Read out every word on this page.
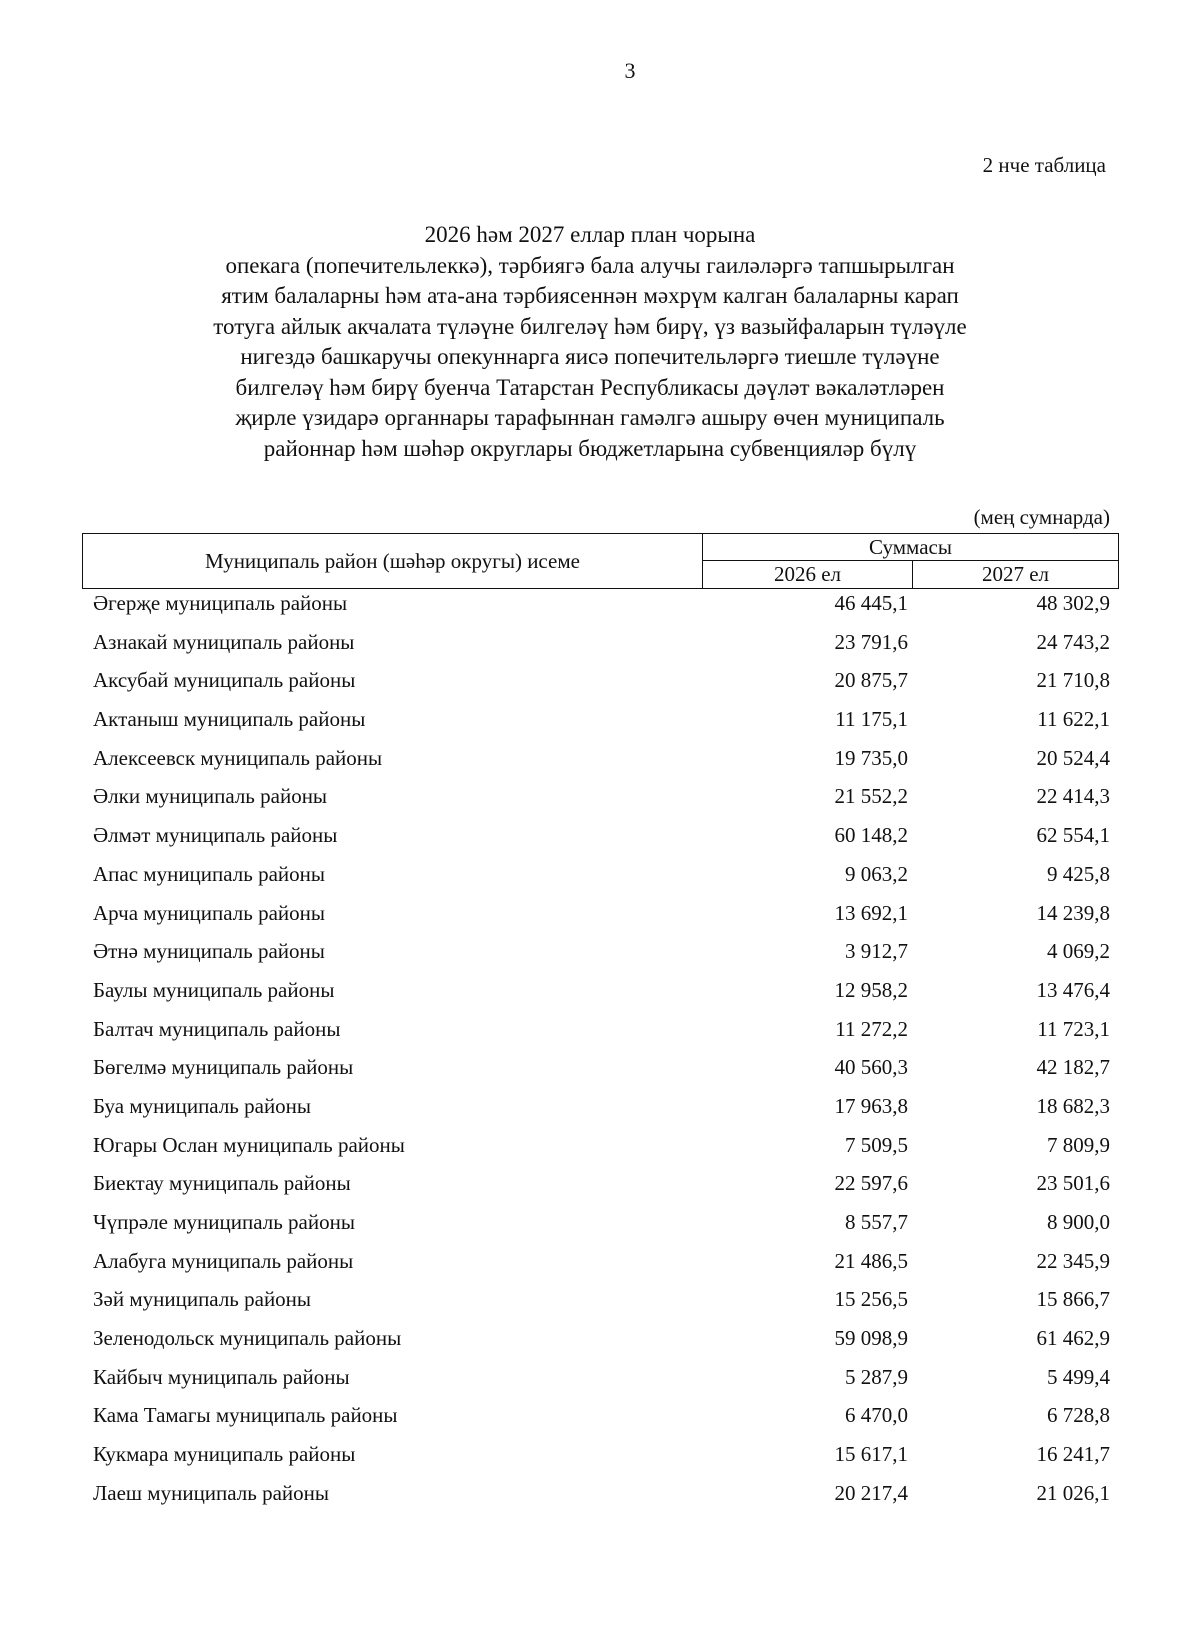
3
2 нче таблица
2026 һәм 2027 еллар план чорына
опекага (попечительлеккә), тәрбиягә бала алучы гаиләләргә тапшырылган
ятим балаларны һәм ата-ана тәрбиясеннән мәхрүм калган балаларны карап
тотуга айлык акчалата түләүне билгеләү һәм бирү, үз вазыйфаларын түләүле
нигездә башкаручы опекуннарга яисә попечительләргә тиешле түләүне
билгеләү һәм бирү буенча Татарстан Республикасы дәүләт вәкаләтләрен
җирле үзидарә органнары тарафыннан гамәлгә ашыру өчен муниципаль
районнар һәм шәһәр округлары бюджетларына субвенцияләр бүлү
(мең сумнарда)
Муниципаль район (шәһәр округы) исеме
Суммасы
2026 ел	2027 ел
Әгерҗе муниципаль районы	46 445,1	48 302,9
Азнакай муниципаль районы	23 791,6	24 743,2
Аксубай муниципаль районы	20 875,7	21 710,8
Актаныш муниципаль районы	11 175,1	11 622,1
Алексеевск муниципаль районы	19 735,0	20 524,4
Әлки муниципаль районы	21 552,2	22 414,3
Әлмәт муниципаль районы	60 148,2	62 554,1
Апас муниципаль районы	9 063,2	9 425,8
Арча муниципаль районы	13 692,1	14 239,8
Әтнә муниципаль районы	3 912,7	4 069,2
Баулы муниципаль районы	12 958,2	13 476,4
Балтач муниципаль районы	11 272,2	11 723,1
Бөгелмә муниципаль районы	40 560,3	42 182,7
Буа муниципаль районы	17 963,8	18 682,3
Югары Ослан муниципаль районы	7 509,5	7 809,9
Биектау муниципаль районы	22 597,6	23 501,6
Чүпрәле муниципаль районы	8 557,7	8 900,0
Алабуга муниципаль районы	21 486,5	22 345,9
Зәй муниципаль районы	15 256,5	15 866,7
Зеленодольск муниципаль районы	59 098,9	61 462,9
Кайбыч муниципаль районы	5 287,9	5 499,4
Кама Тамагы муниципаль районы	6 470,0	6 728,8
Кукмара муниципаль районы	15 617,1	16 241,7
Лаеш муниципаль районы	20 217,4	21 026,1
